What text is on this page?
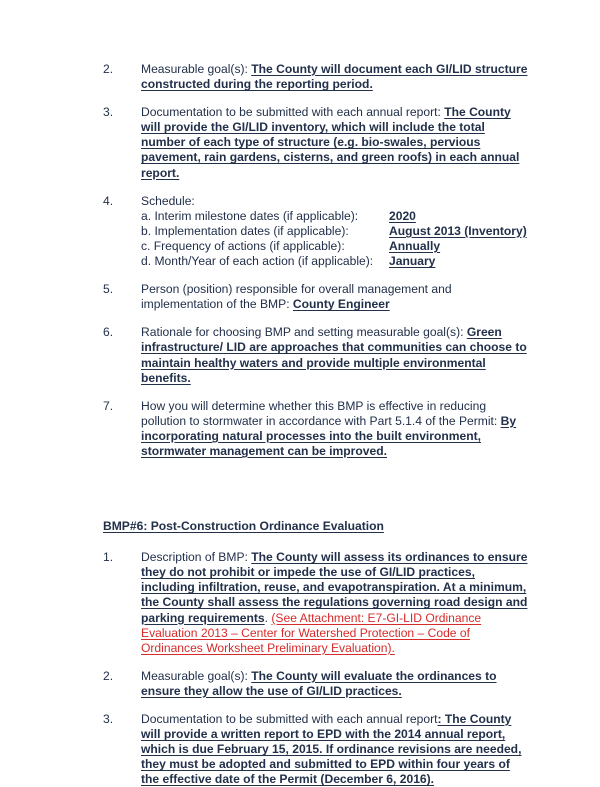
2.	Measurable goal(s): The County will document each GI/LID structure constructed during the reporting period.
3.	Documentation to be submitted with each annual report: The County will provide the GI/LID inventory, which will include the total number of each type of structure (e.g. bio-swales, pervious pavement, rain gardens, cisterns, and green roofs) in each annual report.
4.	Schedule:
a. Interim milestone dates (if applicable):	2020
b. Implementation dates (if applicable):	August 2013 (Inventory)
c. Frequency of actions (if applicable):	Annually
d. Month/Year of each action (if applicable):	January
5.	Person (position) responsible for overall management and implementation of the BMP: County Engineer
6.	Rationale for choosing BMP and setting measurable goal(s): Green infrastructure/ LID are approaches that communities can choose to maintain healthy waters and provide multiple environmental benefits.
7.	How you will determine whether this BMP is effective in reducing pollution to stormwater in accordance with Part 5.1.4 of the Permit: By incorporating natural processes into the built environment, stormwater management can be improved.
BMP#6: Post-Construction Ordinance Evaluation
1.	Description of BMP: The County will assess its ordinances to ensure they do not prohibit or impede the use of GI/LID practices, including infiltration, reuse, and evapotranspiration. At a minimum, the County shall assess the regulations governing road design and parking requirements. (See Attachment: E7-GI-LID Ordinance Evaluation 2013 – Center for Watershed Protection – Code of Ordinances Worksheet Preliminary Evaluation).
2.	Measurable goal(s): The County will evaluate the ordinances to ensure they allow the use of GI/LID practices.
3.	Documentation to be submitted with each annual report: The County will provide a written report to EPD with the 2014 annual report, which is due February 15, 2015. If ordinance revisions are needed, they must be adopted and submitted to EPD within four years of the effective date of the Permit (December 6, 2016).
